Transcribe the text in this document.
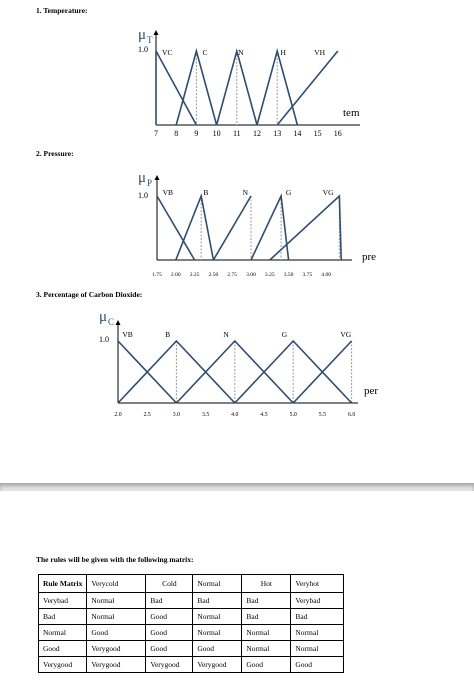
1. Temperature:
μ T
1.0
tem
7 8 9 10 11 12 13 14 15 16
VC	C	N	H	VH
2. Pressure:
μ P
1.0
pre
1.75 2.00 2.25 2.50 2.75 3.00 3.25 3.50 3.75 4.00
VB	B	N	G	VG
3. Percentage of Carbon Dioxide:
μ C
1.0
per
2.0	2.5	3.0	3.5	4.0	4.5	5.0	5.5	6.0
VB	B	N	G	VG
The rules will be given with the following matrix:
Rule Matrix	Verycold	Cold	Normal	Hot	Veryhot
Verybad	Normal	Bad	Bad	Bad	Verybad
Bad	Normal	Good	Normal	Bad	Bad
Normal	Good	Good	Normal	Normal	Normal
Good	Verygood	Good	Good	Normal	Normal
Verygood	Verygood	Verygood	Verygood	Good	Good
